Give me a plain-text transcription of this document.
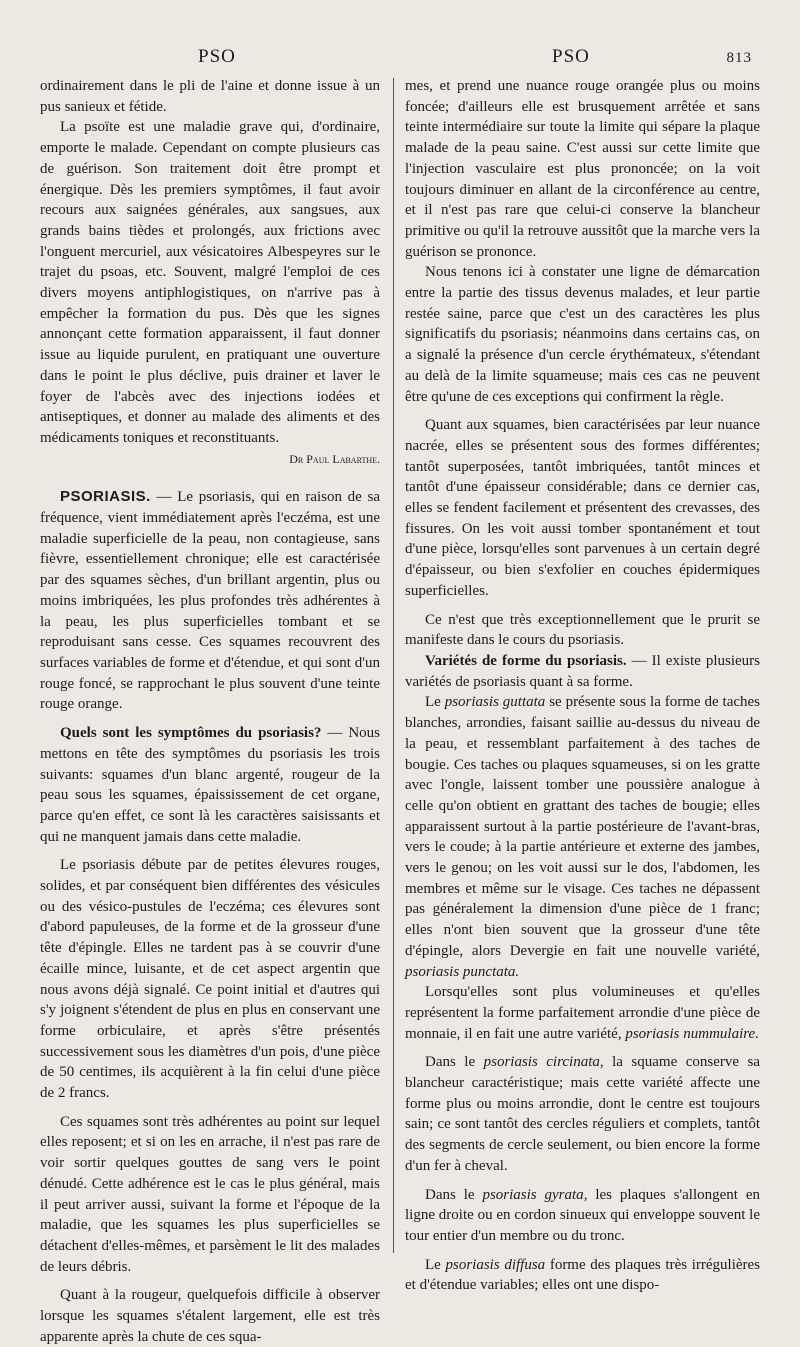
PSO	PSO	813

ordinairement dans le pli de l'aine et donne issue à un pus sanieux et fétide.

La psoïte est une maladie grave qui, d'ordinaire, emporte le malade. Cependant on compte plusieurs cas de guérison. Son traitement doit être prompt et énergique. Dès les premiers symptômes, il faut avoir recours aux saignées générales, aux sangsues, aux grands bains tièdes et prolongés, aux frictions avec l'onguent mercuriel, aux vésicatoires Albespeyres sur le trajet du psoas, etc. Souvent, malgré l'emploi de ces divers moyens antiphlogistiques, on n'arrive pas à empêcher la formation du pus. Dès que les signes annonçant cette formation apparaissent, il faut donner issue au liquide purulent, en pratiquant une ouverture dans le point le plus déclive, puis drainer et laver le foyer de l'abcès avec des injections iodées et antiseptiques, et donner au malade des aliments et des médicaments toniques et reconstituants.

Dr Paul Labarthe.

PSORIASIS. — Le psoriasis, qui en raison de sa fréquence, vient immédiatement après l'eczéma, est une maladie superficielle de la peau, non contagieuse, sans fièvre, essentiellement chronique; elle est caractérisée par des squames sèches, d'un brillant argentin, plus ou moins imbriquées, les plus profondes très adhérentes à la peau, les plus superficielles tombant et se reproduisant sans cesse. Ces squames recouvrent des surfaces variables de forme et d'étendue, et qui sont d'un rouge foncé, se rapprochant le plus souvent d'une teinte rouge orange.

Quels sont les symptômes du psoriasis? — Nous mettons en tête des symptômes du psoriasis les trois suivants: squames d'un blanc argenté, rougeur de la peau sous les squames, épaississement de cet organe, parce qu'en effet, ce sont là les caractères saisissants et qui ne manquent jamais dans cette maladie.

Le psoriasis débute par de petites élevures rouges, solides, et par conséquent bien différentes des vésicules ou des vésico-pustules de l'eczéma; ces élevures sont d'abord papuleuses, de la forme et de la grosseur d'une tête d'épingle. Elles ne tardent pas à se couvrir d'une écaille mince, luisante, et de cet aspect argentin que nous avons déjà signalé. Ce point initial et d'autres qui s'y joignent s'étendent de plus en plus en conservant une forme orbiculaire, et après s'être présentés successivement sous les diamètres d'un pois, d'une pièce de 50 centimes, ils acquièrent à la fin celui d'une pièce de 2 francs.

Ces squames sont très adhérentes au point sur lequel elles reposent; et si on les en arrache, il n'est pas rare de voir sortir quelques gouttes de sang vers le point dénudé. Cette adhérence est le cas le plus général, mais il peut arriver aussi, suivant la forme et l'époque de la maladie, que les squames les plus superficielles se détachent d'elles-mêmes, et parsèment le lit des malades de leurs débris.

Quant à la rougeur, quelquefois difficile à observer lorsque les squames s'étalent largement, elle est très apparente après la chute de ces squa-

mes, et prend une nuance rouge orangée plus ou moins foncée; d'ailleurs elle est brusquement arrêtée et sans teinte intermédiaire sur toute la limite qui sépare la plaque malade de la peau saine. C'est aussi sur cette limite que l'injection vasculaire est plus prononcée; on la voit toujours diminuer en allant de la circonférence au centre, et il n'est pas rare que celui-ci conserve la blancheur primitive ou qu'il la retrouve aussitôt que la marche vers la guérison se prononce.

Nous tenons ici à constater une ligne de démarcation entre la partie des tissus devenus malades, et leur partie restée saine, parce que c'est un des caractères les plus significatifs du psoriasis; néanmoins dans certains cas, on a signalé la présence d'un cercle érythémateux, s'étendant au delà de la limite squameuse; mais ces cas ne peuvent être qu'une de ces exceptions qui confirment la règle.

Quant aux squames, bien caractérisées par leur nuance nacrée, elles se présentent sous des formes différentes; tantôt superposées, tantôt imbriquées, tantôt minces et tantôt d'une épaisseur considérable; dans ce dernier cas, elles se fendent facilement et présentent des crevasses, des fissures. On les voit aussi tomber spontanément et tout d'une pièce, lorsqu'elles sont parvenues à un certain degré d'épaisseur, ou bien s'exfolier en couches épidermiques superficielles.

Ce n'est que très exceptionnellement que le prurit se manifeste dans le cours du psoriasis.

Variétés de forme du psoriasis. — Il existe plusieurs variétés de psoriasis quant à sa forme.

Le psoriasis guttata se présente sous la forme de taches blanches, arrondies, faisant saillie au-dessus du niveau de la peau, et ressemblant parfaitement à des taches de bougie. Ces taches ou plaques squameuses, si on les gratte avec l'ongle, laissent tomber une poussière analogue à celle qu'on obtient en grattant des taches de bougie; elles apparaissent surtout à la partie postérieure de l'avant-bras, vers le coude; à la partie antérieure et externe des jambes, vers le genou; on les voit aussi sur le dos, l'abdomen, les membres et même sur le visage. Ces taches ne dépassent pas généralement la dimension d'une pièce de 1 franc; elles n'ont bien souvent que la grosseur d'une tête d'épingle, alors Devergie en fait une nouvelle variété, psoriasis punctata.

Lorsqu'elles sont plus volumineuses et qu'elles représentent la forme parfaitement arrondie d'une pièce de monnaie, il en fait une autre variété, psoriasis nummulaire.

Dans le psoriasis circinata, la squame conserve sa blancheur caractéristique; mais cette variété affecte une forme plus ou moins arrondie, dont le centre est toujours sain; ce sont tantôt des cercles réguliers et complets, tantôt des segments de cercle seulement, ou bien encore la forme d'un fer à cheval.

Dans le psoriasis gyrata, les plaques s'allongent en ligne droite ou en cordon sinueux qui enveloppe souvent le tour entier d'un membre ou du tronc.

Le psoriasis diffusa forme des plaques très irrégulières et d'étendue variables; elles ont une dispo-
